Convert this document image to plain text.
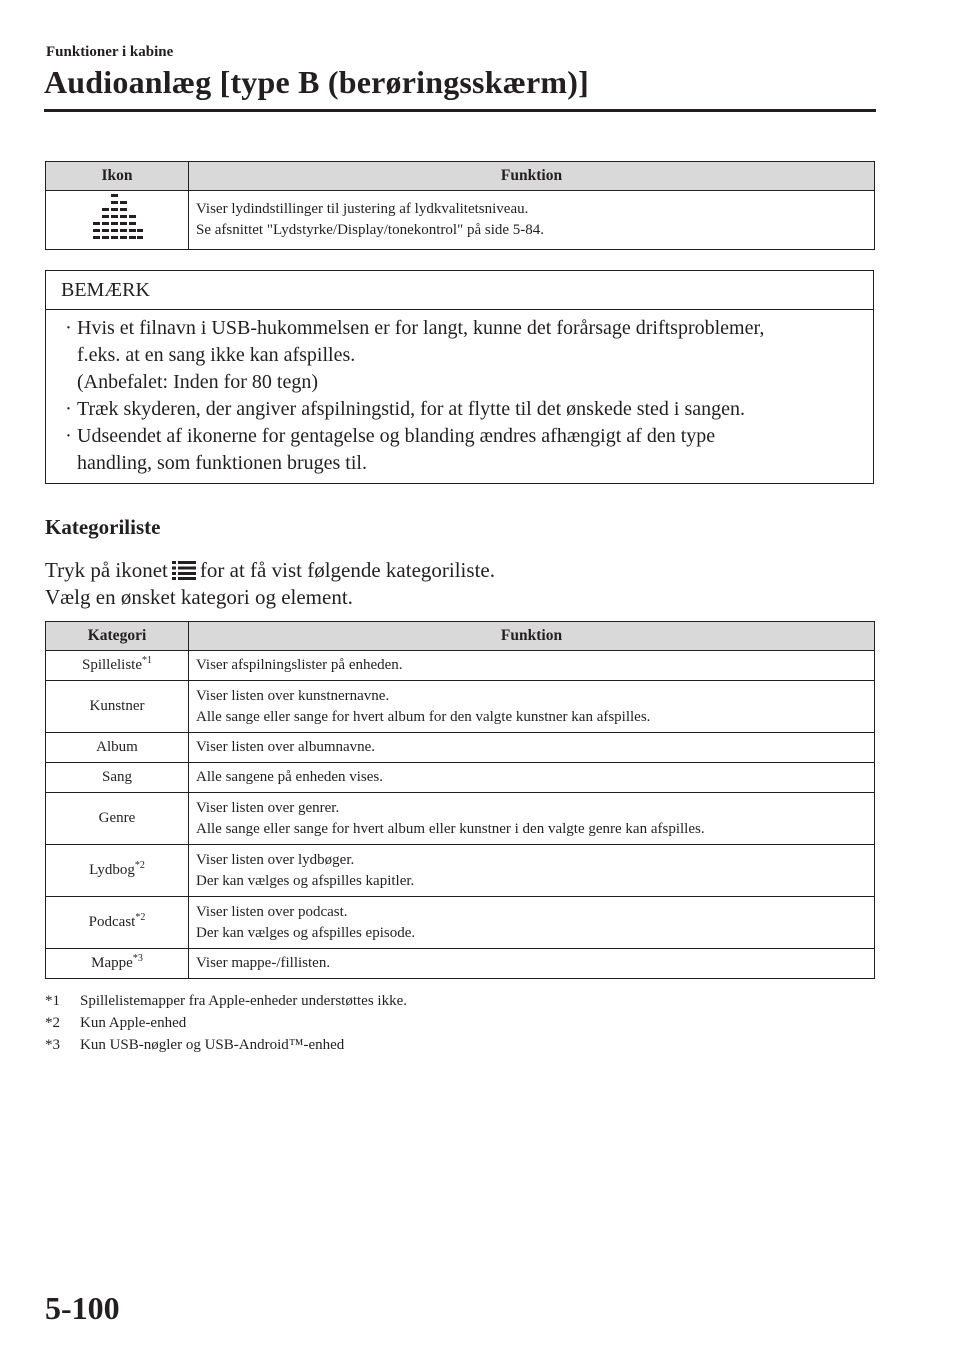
Funktioner i kabine
Audioanlæg [type B (berøringsskærm)]
Ikon	Funktion

Viser lydindstillinger til justering af lydkvalitetsniveau.
Se afsnittet "Lydstyrke/Display/tonekontrol" på side 5-84.
BEMÆRK
· Hvis et filnavn i USB-hukommelsen er for langt, kunne det forårsage driftsproblemer,
f.eks. at en sang ikke kan afspilles.
(Anbefalet: Inden for 80 tegn)
· Træk skyderen, der angiver afspilningstid, for at flytte til det ønskede sted i sangen.
· Udseendet af ikonerne for gentagelse og blanding ændres afhængigt af den type
handling, som funktionen bruges til.
Kategoriliste
Tryk på ikonet for at få vist følgende kategoriliste.
Vælg en ønsket kategori og element.
Kategori	Funktion
Spilleliste$^{*1}$	Viser afspilningslister på enheden.

Kunstner	Viser listen over kunstnernavne.
Alle sange eller sange for hvert album for den valgte kunstner kan afspilles.

Album	Viser listen over albumnavne.

Sang	Alle sangene på enheden vises.

Genre	Viser listen over genrer.
Alle sange eller sange for hvert album eller kunstner i den valgte genre kan afspilles.

Lydbog$^{*2}$	Viser listen over lydbøger.
Der kan vælges og afspilles kapitler.

Podcast$^{*2}$	Viser listen over podcast.
Der kan vælges og afspilles episode.

Mappe$^{*3}$	Viser mappe-/fillisten.
*1	Spillelistemapper fra Apple-enheder understøttes ikke.
*2	Kun Apple-enhed
*3	Kun USB-nøgler og USB-Android™-enhed
5-100
